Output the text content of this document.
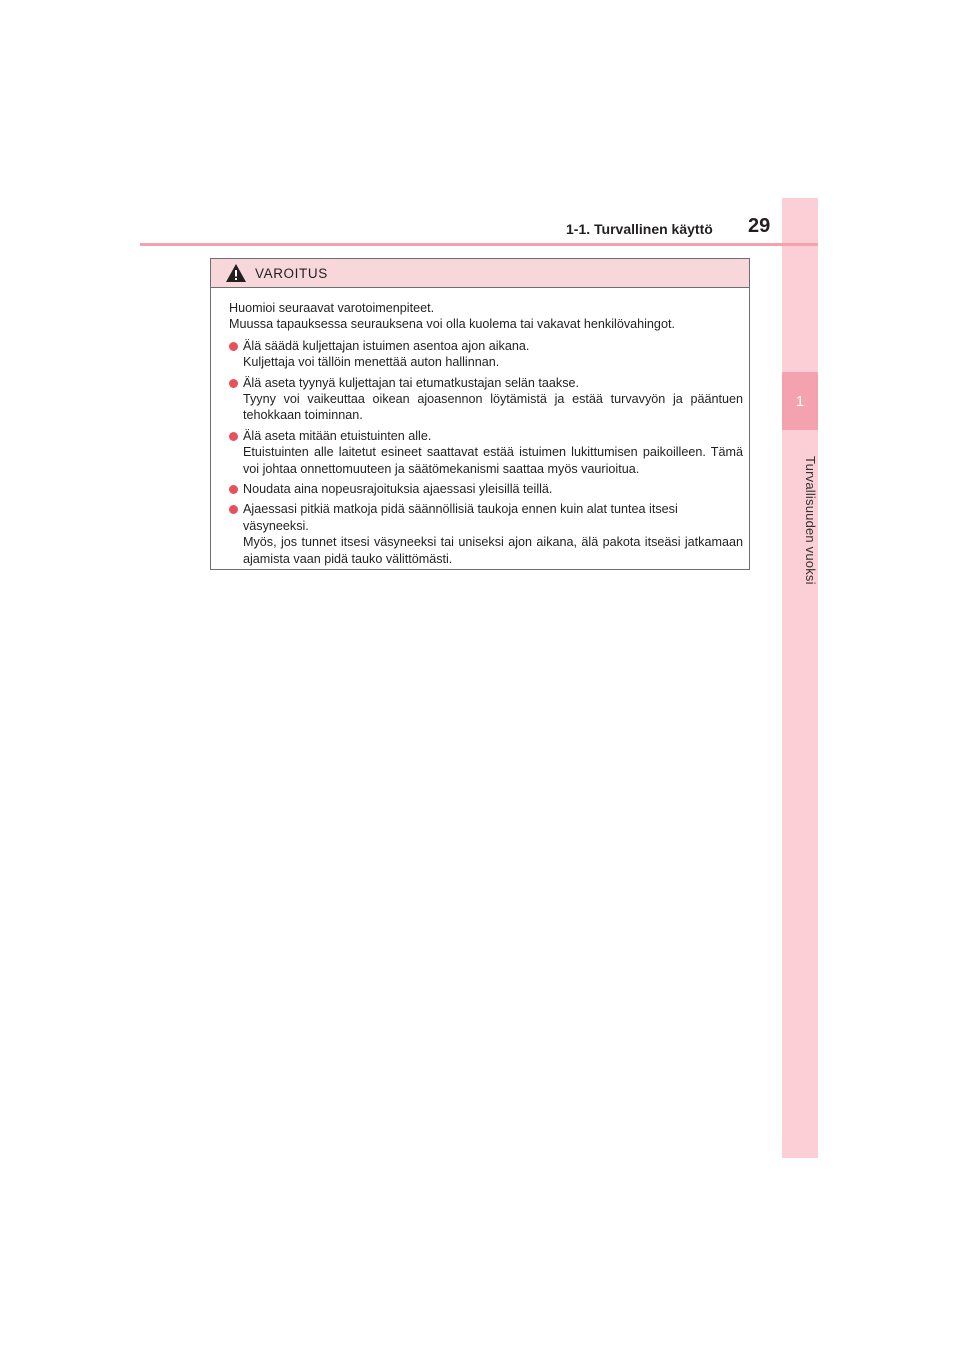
1
Turvallisuuden vuoksi
1-1. Turvallinen käyttö 29
VAROITUS
Huomioi seuraavat varotoimenpiteet.
Muussa tapauksessa seurauksena voi olla kuolema tai vakavat henkilövahingot.
Älä säädä kuljettajan istuimen asentoa ajon aikana.
Kuljettaja voi tällöin menettää auton hallinnan.
Älä aseta tyynyä kuljettajan tai etumatkustajan selän taakse.
Tyyny voi vaikeuttaa oikean ajoasennon löytämistä ja estää turvavyön ja pääntuen tehokkaan toiminnan.
Älä aseta mitään etuistuinten alle.
Etuistuinten alle laitetut esineet saattavat estää istuimen lukittumisen paikoilleen. Tämä voi johtaa onnettomuuteen ja säätömekanismi saattaa myös vaurioitua.
Noudata aina nopeusrajoituksia ajaessasi yleisillä teillä.
Ajaessasi pitkiä matkoja pidä säännöllisiä taukoja ennen kuin alat tuntea itsesi väsyneeksi.
Myös, jos tunnet itsesi väsyneeksi tai uniseksi ajon aikana, älä pakota itseäsi jatkamaan ajamista vaan pidä tauko välittömästi.
